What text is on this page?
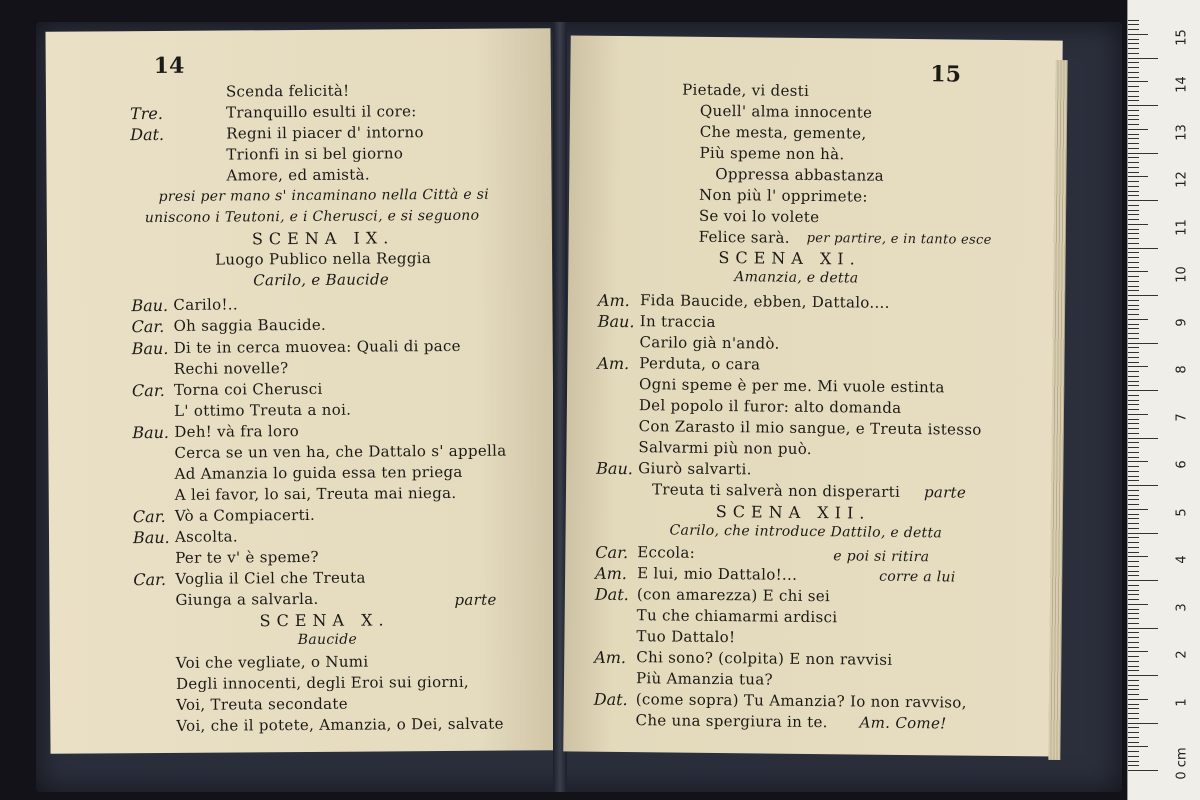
14
Scenda felicità!
Tre.	Tranquillo esulti il core:
Dat.	Regni il piacer d' intorno
Trionfi in si bel giorno
Amore, ed amistà.
presi per mano s' incaminano nella Città e si
uniscono i Teutoni, e i Cherusci, e si seguono
SCENA IX.
Luogo Publico nella Reggia
Carilo, e Baucide
Bau. Carilo!..
Car. Oh saggia Baucide.
Bau. Di te in cerca muovea: Quali di pace
Rechi novelle?
Car. Torna coi Cherusci
L' ottimo Treuta a noi.
Bau. Deh! và fra loro
Cerca se un ven ha, che Dattalo s' appella
Ad Amanzia lo guida essa ten priega
A lei favor, lo sai, Treuta mai niega.
Car. Vò a Compiacerti.
Bau. Ascolta.
Per te v' è speme?
Car. Voglia il Ciel che Treuta
Giunga a salvarla.	parte
SCENA X.
Baucide
Voi che vegliate, o Numi
Degli innocenti, degli Eroi sui giorni,
Voi, Treuta secondate
Voi, che il potete, Amanzia, o Dei, salvate
15
Pietade, vi desti
Quell' alma innocente
Che mesta, gemente,
Più speme non hà.
Oppressa abbastanza
Non più l' opprimete:
Se voi lo volete
Felice sarà. per partire, e in tanto esce
SCENA XI.
Amanzia, e detta
Am. Fida Baucide, ebben, Dattalo....
Bau. In traccia
Carilo già n'andò.
Am. Perduta, o cara
Ogni speme è per me. Mi vuole estinta
Del popolo il furor: alto domanda
Con Zarasto il mio sangue, e Treuta istesso
Salvarmi più non può.
Bau. Giurò salvarti.
Treuta ti salverà non disperarti parte
SCENA XII.
Carilo, che introduce Dattilo, e detta
Car. Eccola:	e poi si ritira
Am. E lui, mio Dattalo!...	corre a lui
Dat. (con amarezza) E chi sei
Tu che chiamarmi ardisci
Tuo Dattalo!
Am. Chi sono? (colpita) E non ravvisi
Più Amanzia tua?
Dat. (come sopra) Tu Amanzia? Io non ravviso,
Che una spergiura in te. Am. Come!
0 cm
1
2
3
4
5
6
7
8
9
10
11
12
13
14
15
